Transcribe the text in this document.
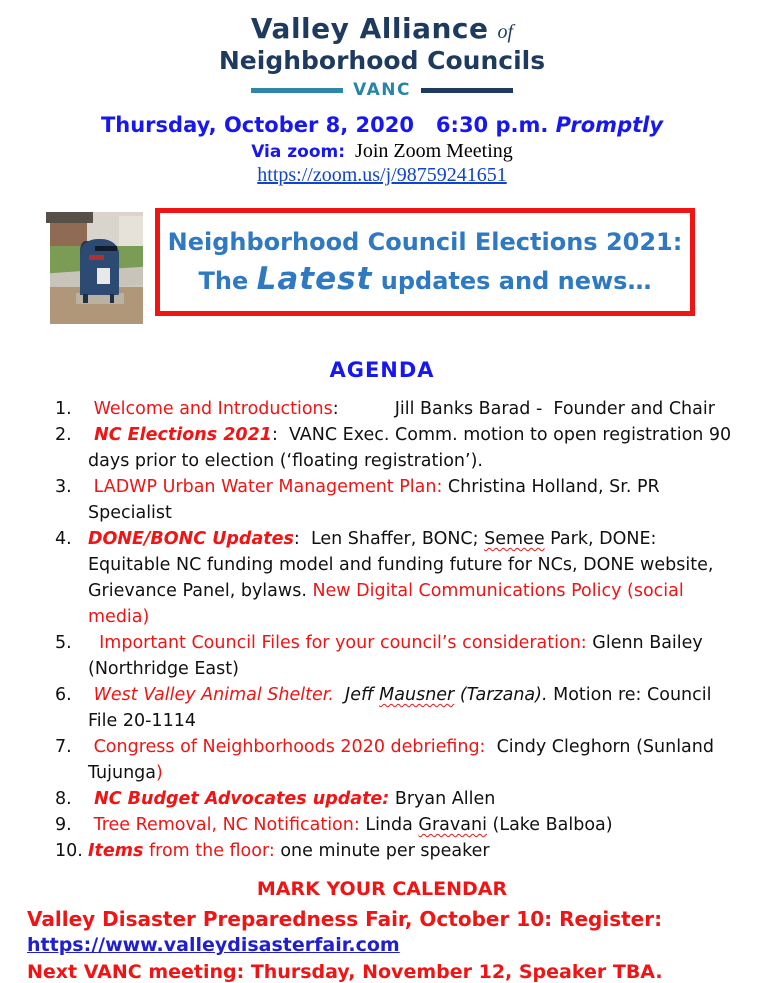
Valley Alliance of
Neighborhood Councils
VANC
Thursday, October 8, 2020   6:30 p.m. Promptly
Via zoom:  Join Zoom Meeting
https://zoom.us/j/98759241651
Neighborhood Council Elections 2021:
The Latest updates and news…
AGENDA
1. Welcome and Introductions:	Jill Banks Barad -  Founder and Chair
2. NC Elections 2021:  VANC Exec. Comm. motion to open registration 90 days prior to election (‘floating registration’).
3. LADWP Urban Water Management Plan: Christina Holland, Sr. PR Specialist
4. DONE/BONC Updates:  Len Shaffer, BONC; Semee Park, DONE: Equitable NC funding model and funding future for NCs, DONE website, Grievance Panel, bylaws. New Digital Communications Policy (social media)
5. Important Council Files for your council’s consideration: Glenn Bailey (Northridge East)
6. West Valley Animal Shelter.  Jeff Mausner (Tarzana). Motion re: Council File 20-1114
7. Congress of Neighborhoods 2020 debriefing:  Cindy Cleghorn (Sunland Tujunga)
8. NC Budget Advocates update: Bryan Allen
9. Tree Removal, NC Notification: Linda Gravani (Lake Balboa)
10. Items from the floor: one minute per speaker
MARK YOUR CALENDAR
Valley Disaster Preparedness Fair, October 10: Register:
https://www.valleydisasterfair.com
Next VANC meeting: Thursday, November 12, Speaker TBA.
